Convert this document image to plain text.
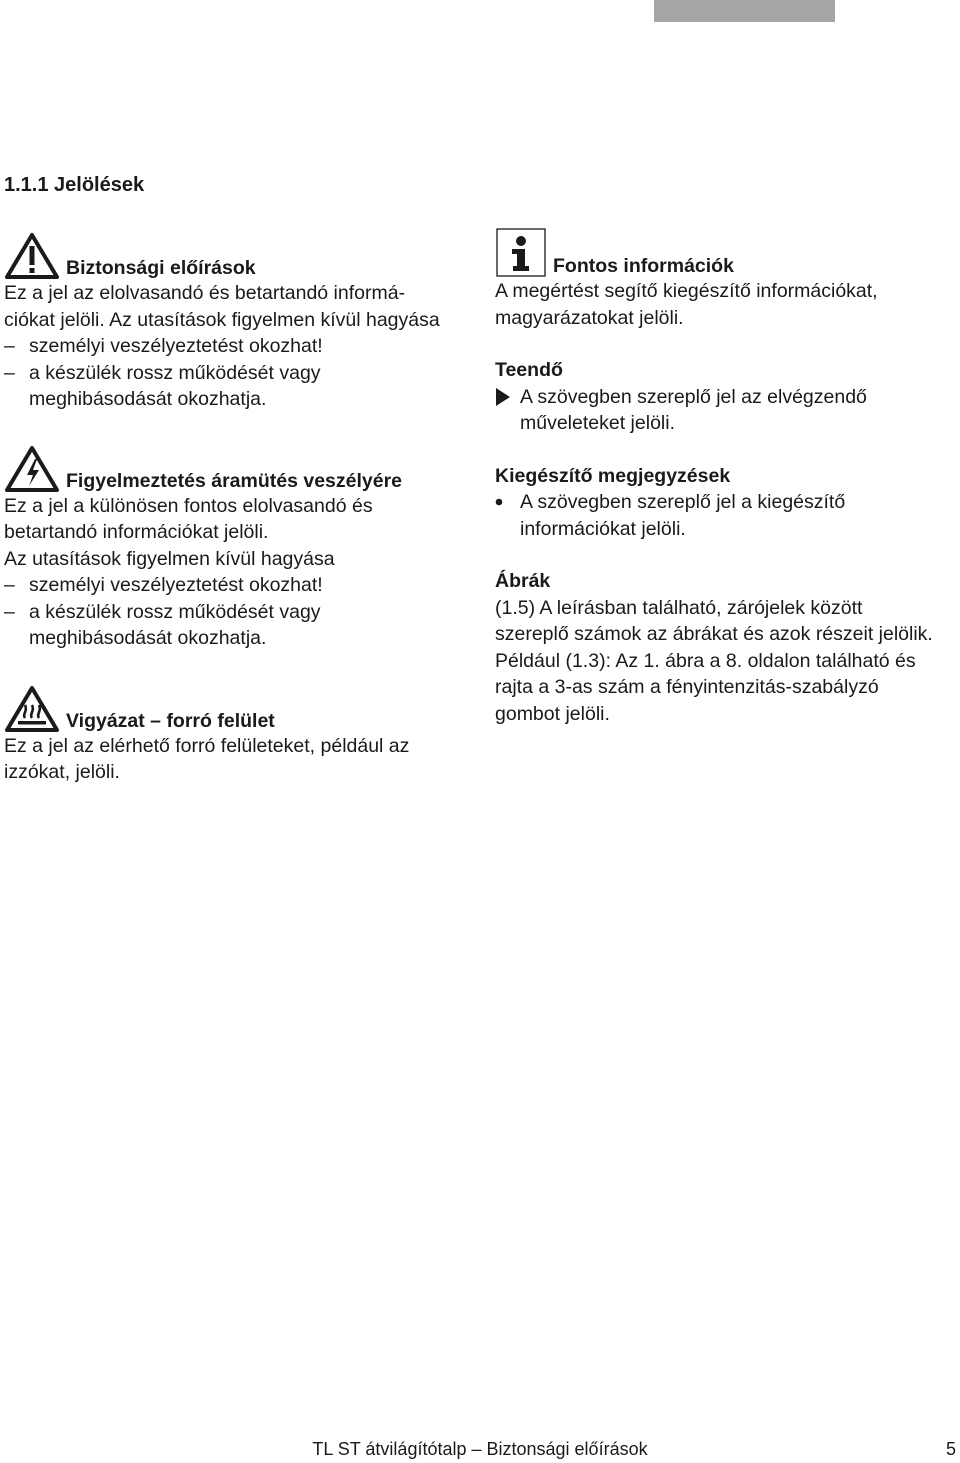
1.1.1 Jelölések
Biztonsági előírások

Ez a jel az elolvasandó és betartandó informá-

ciókat jelöli. Az utasítások figyelmen kívül hagyása

– személyi veszélyeztetést okozhat!

– a készülék rossz működését vagy

meghibásodását okozhatja.

Figyelmeztetés áramütés veszélyére

Ez a jel a különösen fontos elolvasandó és

betartandó információkat jelöli.

Az utasítások figyelmen kívül hagyása

– személyi veszélyeztetést okozhat!

– a készülék rossz működését vagy

meghibásodását okozhatja.

Vigyázat – forró felület

Ez a jel az elérhető forró felületeket, például az

izzókat, jelöli.

Fontos információk

A megértést segítő kiegészítő információkat,

magyarázatokat jelöli.

Teendő

A szövegben szereplő jel az elvégzendő

műveleteket jelöli.

Kiegészítő megjegyzések

A szövegben szereplő jel a kiegészítő

információkat jelöli.

Ábrák

(1.5) A leírásban található, zárójelek között

szereplő számok az ábrákat és azok részeit jelölik.

Például (1.3): Az 1. ábra a 8. oldalon található és

rajta a 3-as szám a fényintenzitás-szabályzó

gombot jelöli.

TL ST átvilágítótalp – Biztonsági előírások	5
